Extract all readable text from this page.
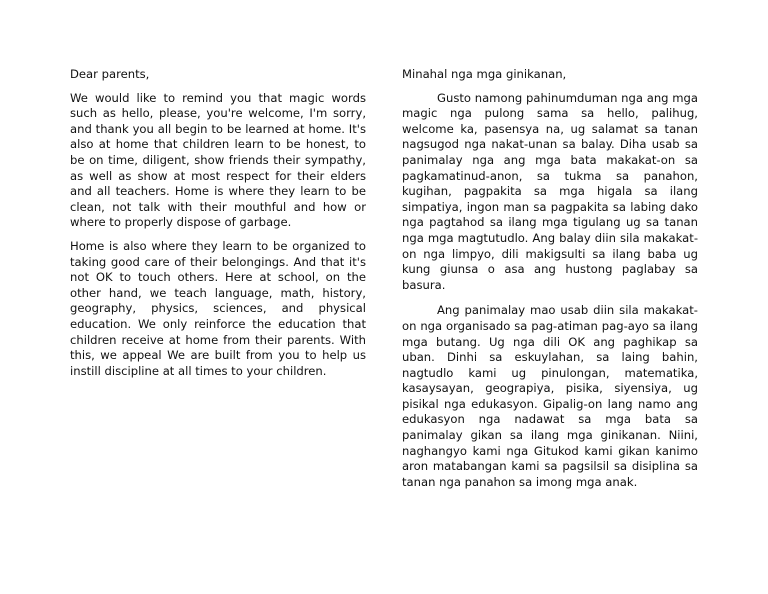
Dear parents,

We would like to remind you that magic words such as hello, please, you're welcome, I'm sorry, and thank you all begin to be learned at home. It's also at home that children learn to be honest, to be on time, diligent, show friends their sympathy, as well as show at most respect for their elders and all teachers. Home is where they learn to be clean, not talk with their mouthful and how or where to properly dispose of garbage.

Home is also where they learn to be organized to taking good care of their belongings. And that it's not OK to touch others. Here at school, on the other hand, we teach language, math, history, geography, physics, sciences, and physical education. We only reinforce the education that children receive at home from their parents. With this, we appeal We are built from you to help us instill discipline at all times to your children.

Minahal nga mga ginikanan,

Gusto namong pahinumduman nga ang mga magic nga pulong sama sa hello, palihug, welcome ka, pasensya na, ug salamat sa tanan nagsugod nga nakat-unan sa balay. Diha usab sa panimalay nga ang mga bata makakat-on sa pagkamatinud-anon, sa tukma sa panahon, kugihan, pagpakita sa mga higala sa ilang simpatiya, ingon man sa pagpakita sa labing dako nga pagtahod sa ilang mga tigulang ug sa tanan nga mga magtutudlo. Ang balay diin sila makakat-on nga limpyo, dili makigsulti sa ilang baba ug kung giunsa o asa ang hustong paglabay sa basura.

Ang panimalay mao usab diin sila makakat-on nga organisado sa pag-atiman pag-ayo sa ilang mga butang. Ug nga dili OK ang paghikap sa uban. Dinhi sa eskuylahan, sa laing bahin, nagtudlo kami ug pinulongan, matematika, kasaysayan, geograpiya, pisika, siyensiya, ug pisikal nga edukasyon. Gipalig-on lang namo ang edukasyon nga nadawat sa mga bata sa panimalay gikan sa ilang mga ginikanan. Niini, naghangyo kami nga Gitukod kami gikan kanimo aron matabangan kami sa pagsilsil sa disiplina sa tanan nga panahon sa imong mga anak.
